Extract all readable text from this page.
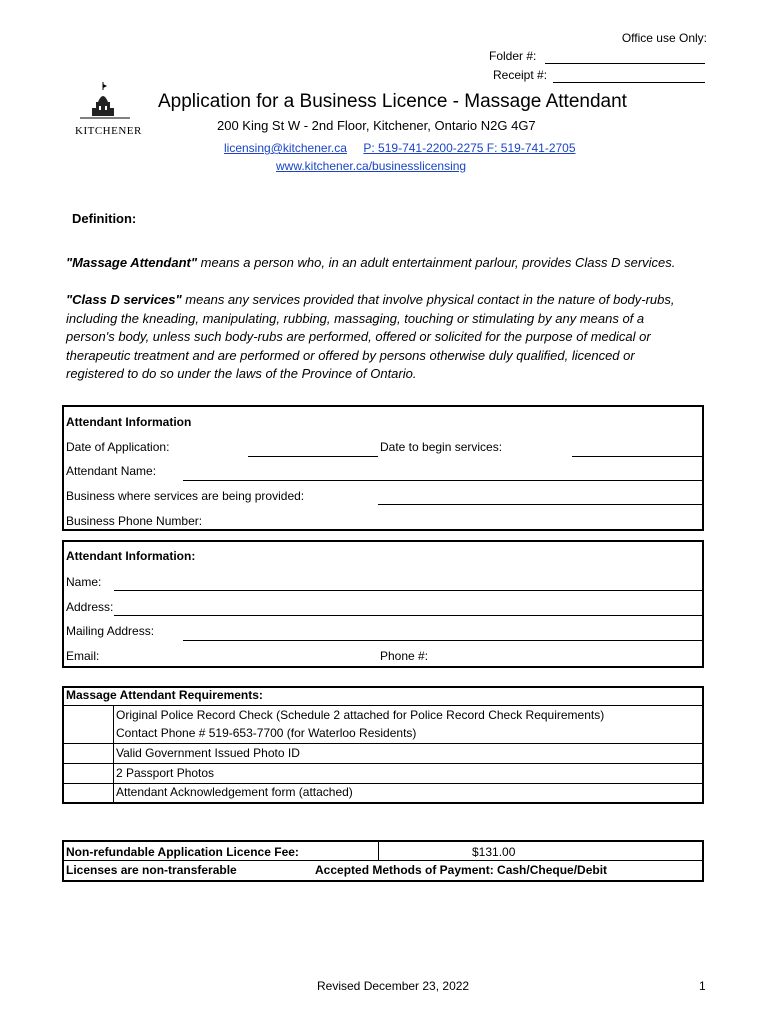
Office use Only:
Folder #:
Receipt #:
KITCHENER
Application for a Business Licence - Massage Attendant
200 King St W - 2nd Floor, Kitchener, Ontario N2G 4G7
licensing@kitchener.ca P: 519-741-2200-2275 F: 519-741-2705
www.kitchener.ca/businesslicensing
Definition:
"Massage Attendant" means a person who, in an adult entertainment parlour, provides Class D services.
"Class D services" means any services provided that involve physical contact in the nature of body-rubs, including the kneading, manipulating, rubbing, massaging, touching or stimulating by any means of a person's body, unless such body-rubs are performed, offered or solicited for the purpose of medical or therapeutic treatment and are performed or offered by persons otherwise duly qualified, licenced or registered to do so under the laws of the Province of Ontario.
Attendant Information
Date of Application:	Date to begin services:
Attendant Name:
Business where services are being provided:
Business Phone Number:
Attendant Information:
Name:
Address:
Mailing Address:
Email:	Phone #:
Massage Attendant Requirements:
Original Police Record Check (Schedule 2 attached for Police Record Check Requirements)
Contact Phone # 519-653-7700 (for Waterloo Residents)
Valid Government Issued Photo ID
2 Passport Photos
Attendant Acknowledgement form (attached)
Non-refundable Application Licence Fee:	$131.00
Licenses are non-transferable	Accepted Methods of Payment: Cash/Cheque/Debit
Revised December 23, 2022	1
